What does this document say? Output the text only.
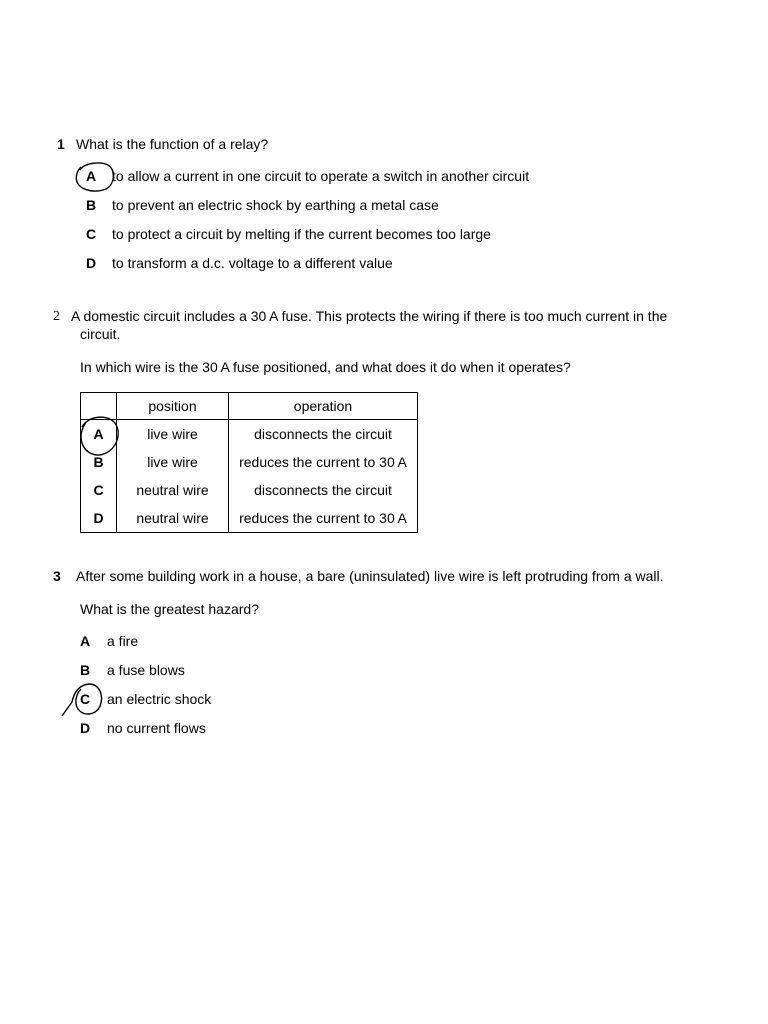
1 What is the function of a relay?
A to allow a current in one circuit to operate a switch in another circuit
B to prevent an electric shock by earthing a metal case
C to protect a circuit by melting if the current becomes too large
D to transform a d.c. voltage to a different value
2 A domestic circuit includes a 30 A fuse. This protects the wiring if there is too much current in the
circuit.
In which wire is the 30 A fuse positioned, and what does it do when it operates?
	position	operation
A	live wire	disconnects the circuit
B	live wire	reduces the current to 30 A
C	neutral wire	disconnects the circuit
D	neutral wire	reduces the current to 30 A
3 After some building work in a house, a bare (uninsulated) live wire is left protruding from a wall.
What is the greatest hazard?
A a fire
B a fuse blows
C an electric shock
D no current flows
